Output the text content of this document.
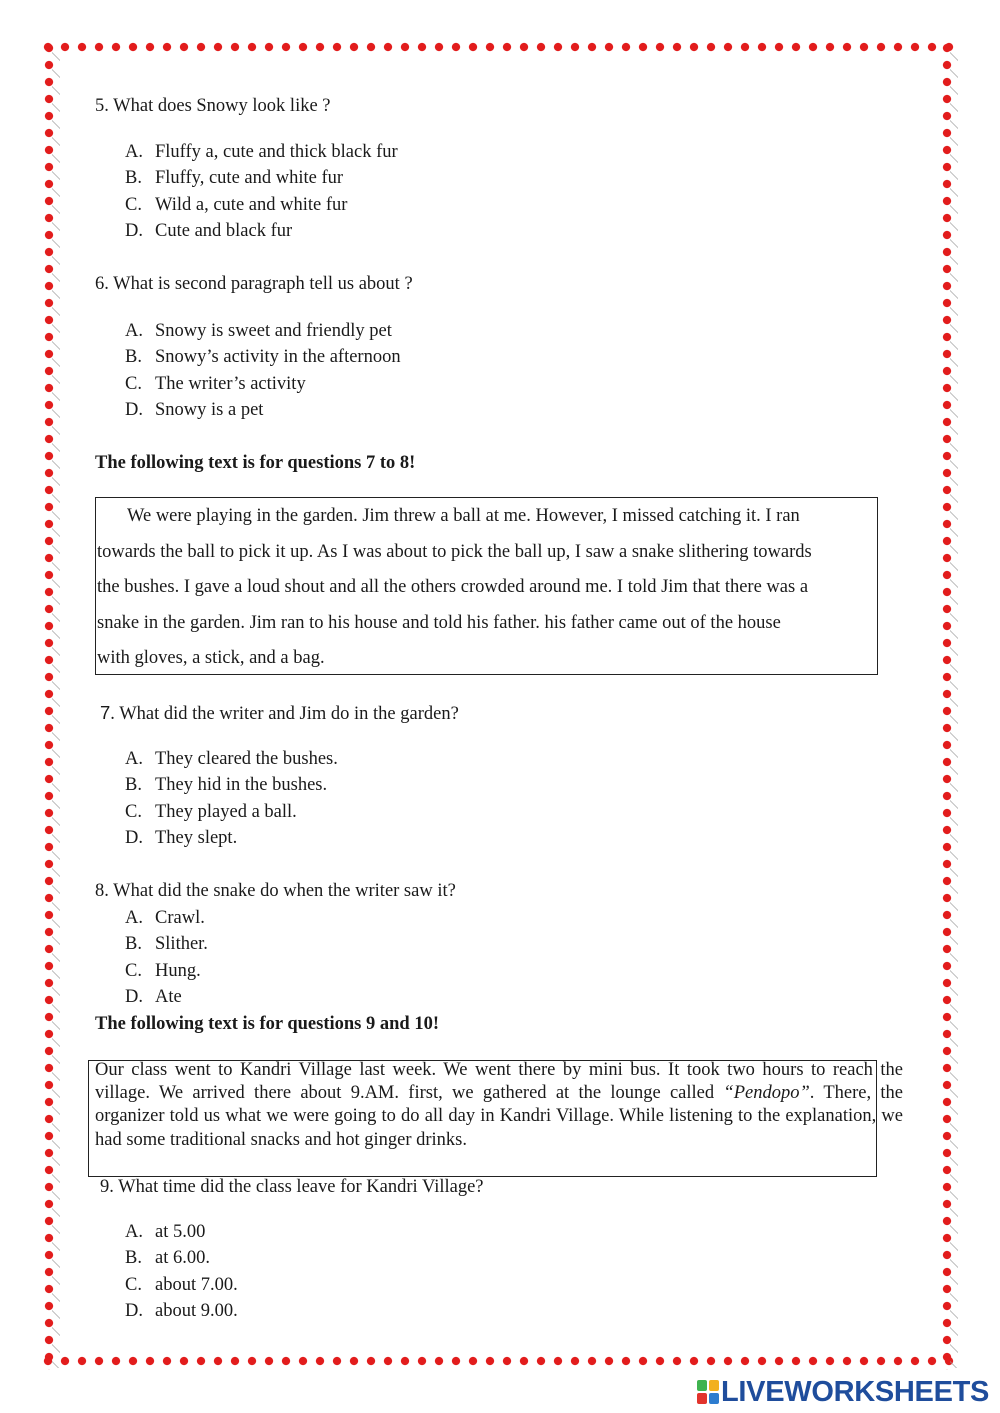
5. What does Snowy look like ?
A. Fluffy a, cute and thick black fur
B. Fluffy, cute and white fur
C. Wild a, cute and white fur
D. Cute and black fur
6. What is second paragraph tell us about ?
A. Snowy is sweet and friendly pet
B. Snowy’s activity in the afternoon
C. The writer’s activity
D. Snowy is a pet
The following text is for questions 7 to 8!

We were playing in the garden. Jim threw a ball at me. However, I missed catching it. I ran

towards the ball to pick it up. As I was about to pick the ball up, I saw a snake slithering towards

the bushes. I gave a loud shout and all the others crowded around me. I told Jim that there was a

snake in the garden. Jim ran to his house and told his father. his father came out of the house

with gloves, a stick, and a bag.

7. What did the writer and Jim do in the garden?
A. They cleared the bushes.
B. They hid in the bushes.
C. They played a ball.
D. They slept.
8. What did the snake do when the writer saw it?
A. Crawl.
B. Slither.
C. Hung.
D. Ate
The following text is for questions 9 and 10!

Our class went to Kandri Village last week. We went there by mini bus. It took two hours to reach the village. We arrived there about 9.AM. first, we gathered at the lounge called “Pendopo”. There, the organizer told us what we were going to do all day in Kandri Village. While listening to the explanation, we had some traditional snacks and hot ginger drinks.

9. What time did the class leave for Kandri Village?
A. at 5.00
B. at 6.00.
C. about 7.00.
D. about 9.00.
LIVEWORKSHEETS
